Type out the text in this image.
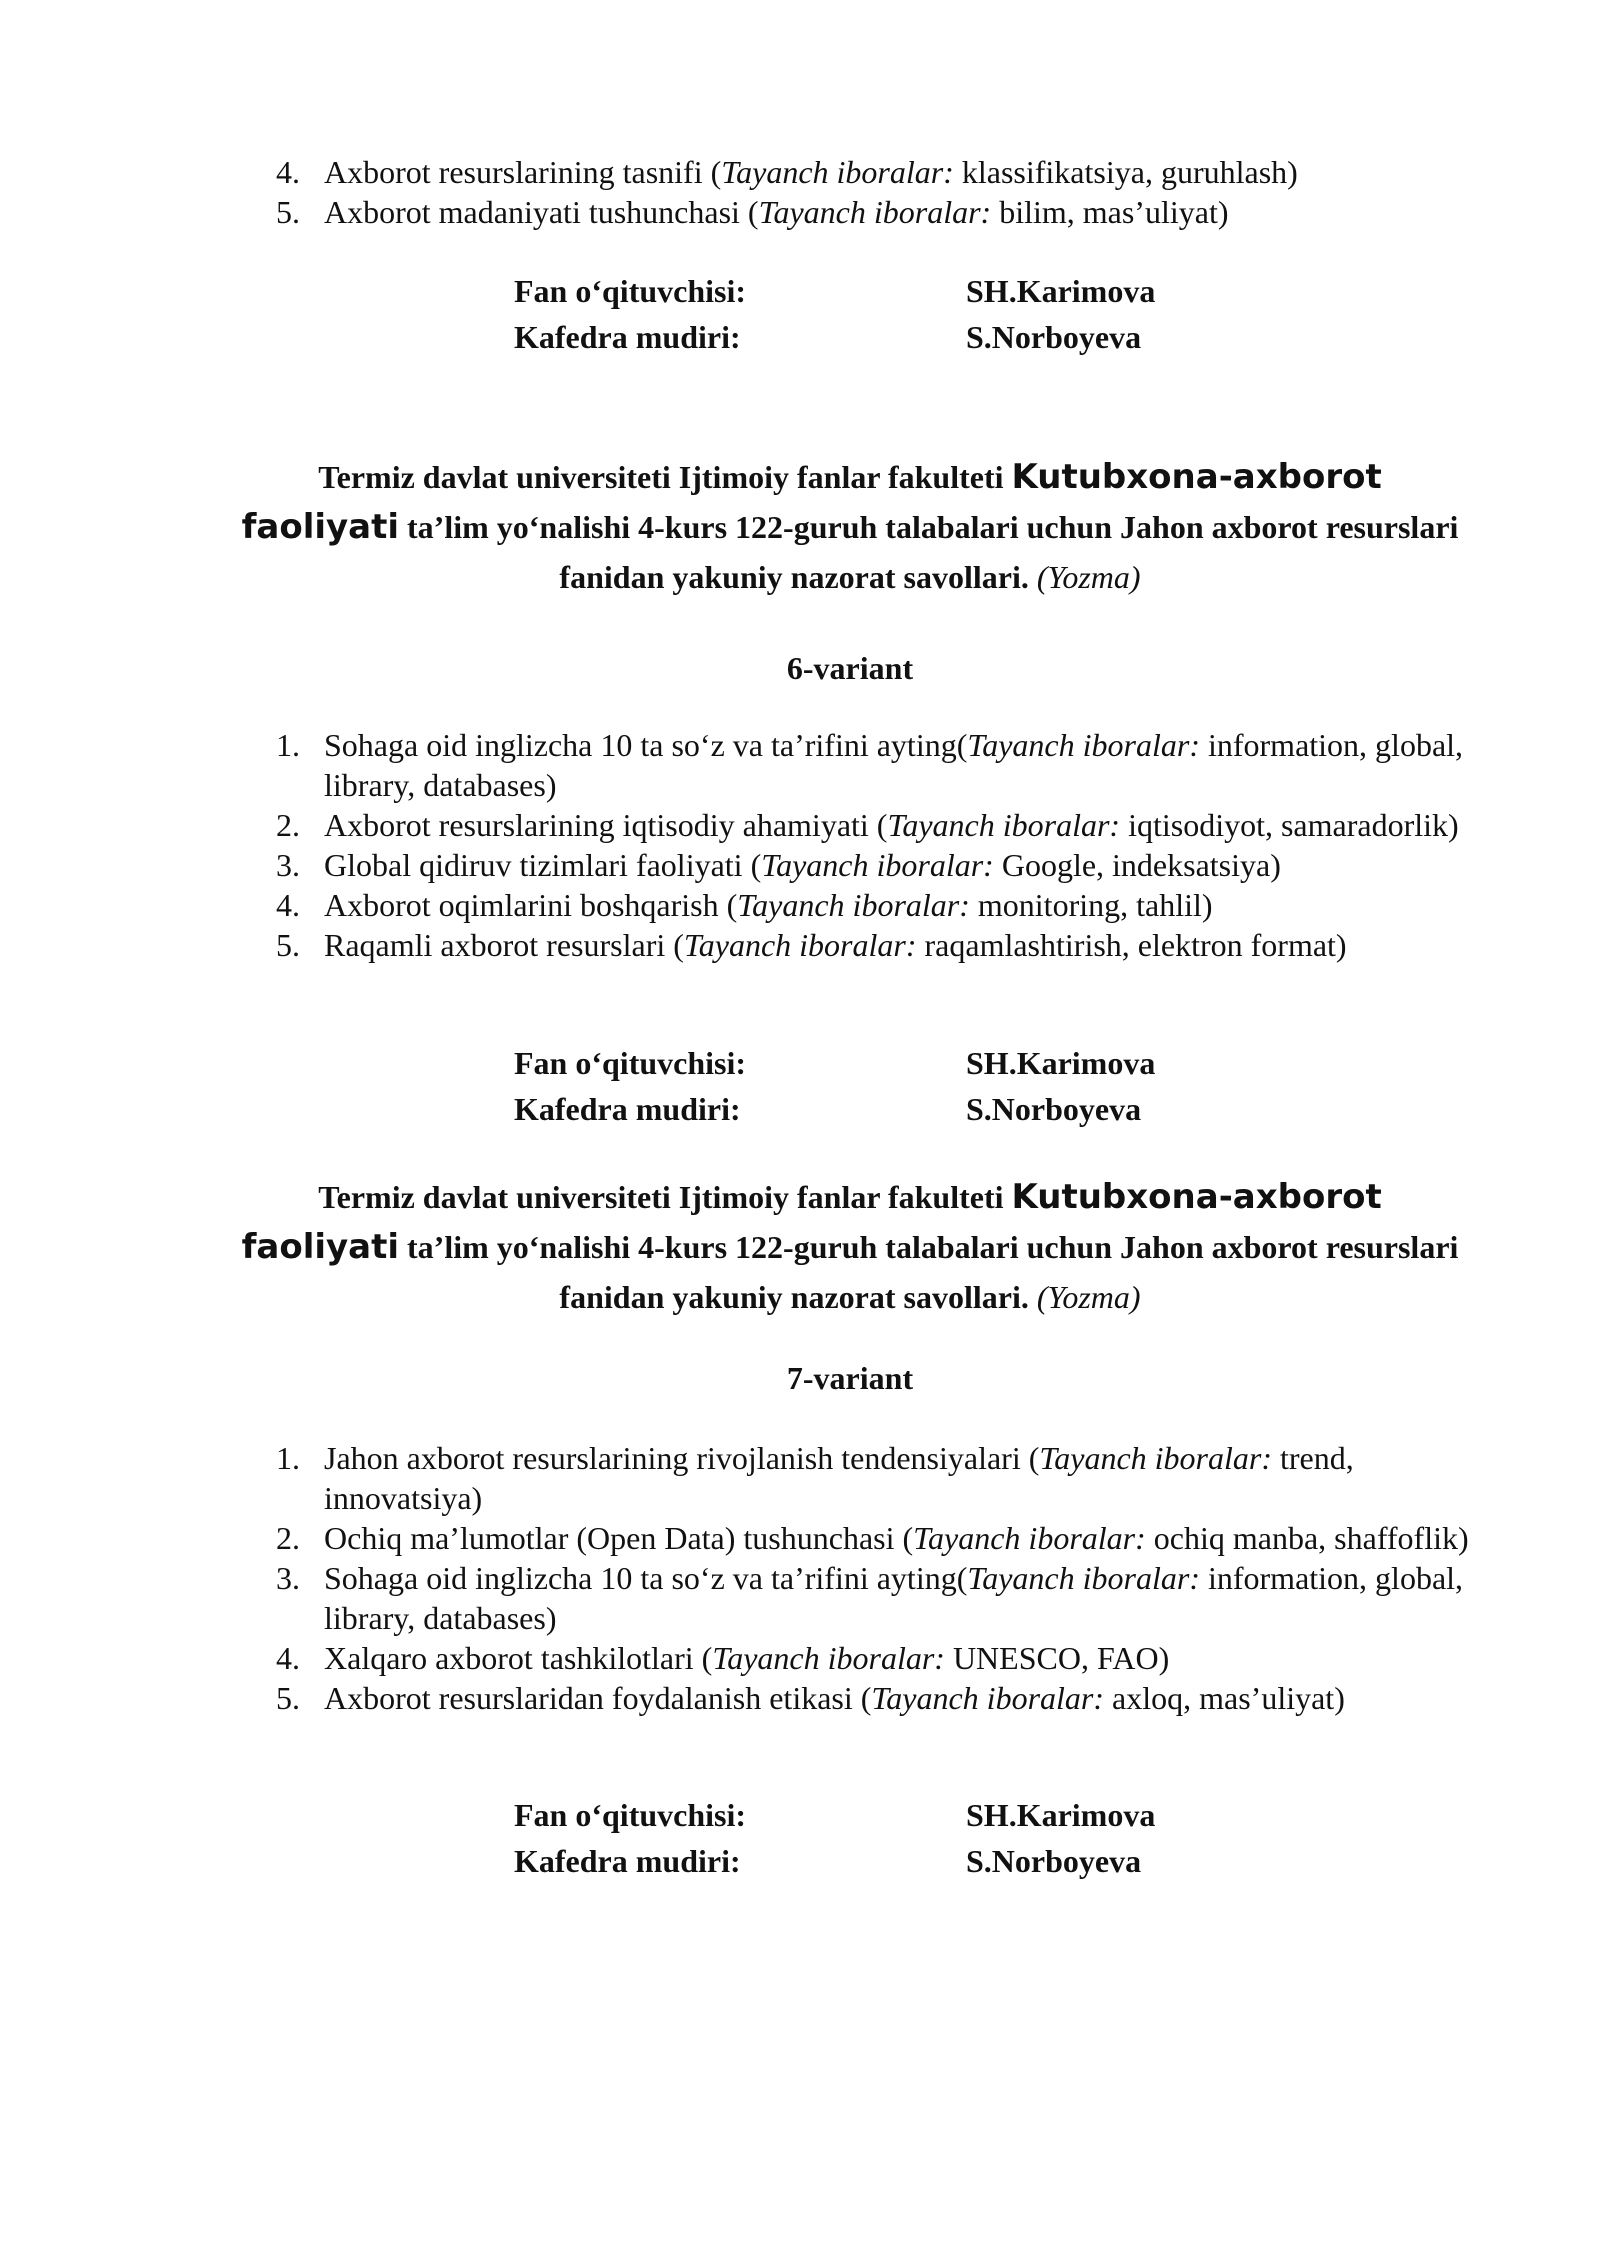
4. Axborot resurslarining tasnifi (Tayanch iboralar: klassifikatsiya, guruhlash)
5. Axborot madaniyati tushunchasi (Tayanch iboralar: bilim, mas’uliyat)
Fan o‘qituvchisi:	SH.Karimova
Kafedra mudiri:	S.Norboyeva
Termiz davlat universiteti Ijtimoiy fanlar fakulteti Kutubxona-axborot
faoliyati ta’lim yo‘nalishi 4-kurs 122-guruh talabalari uchun Jahon axborot resurslari fanidan yakuniy nazorat savollari. (Yozma)
6-variant
1. Sohaga oid inglizcha 10 ta so‘z va ta’rifini ayting(Tayanch iboralar: information, global, library, databases)
2. Axborot resurslarining iqtisodiy ahamiyati (Tayanch iboralar: iqtisodiyot, samaradorlik)
3. Global qidiruv tizimlari faoliyati (Tayanch iboralar: Google, indeksatsiya)
4. Axborot oqimlarini boshqarish (Tayanch iboralar: monitoring, tahlil)
5. Raqamli axborot resurslari (Tayanch iboralar: raqamlashtirish, elektron format)
Fan o‘qituvchisi:	SH.Karimova
Kafedra mudiri:	S.Norboyeva
Termiz davlat universiteti Ijtimoiy fanlar fakulteti Kutubxona-axborot
faoliyati ta’lim yo‘nalishi 4-kurs 122-guruh talabalari uchun Jahon axborot resurslari fanidan yakuniy nazorat savollari. (Yozma)
7-variant
1. Jahon axborot resurslarining rivojlanish tendensiyalari (Tayanch iboralar: trend, innovatsiya)
2. Ochiq ma’lumotlar (Open Data) tushunchasi (Tayanch iboralar: ochiq manba, shaffoflik)
3. Sohaga oid inglizcha 10 ta so‘z va ta’rifini ayting(Tayanch iboralar: information, global, library, databases)
4. Xalqaro axborot tashkilotlari (Tayanch iboralar: UNESCO, FAO)
5. Axborot resurslaridan foydalanish etikasi (Tayanch iboralar: axloq, mas’uliyat)
Fan o‘qituvchisi:	SH.Karimova
Kafedra mudiri:	S.Norboyeva
